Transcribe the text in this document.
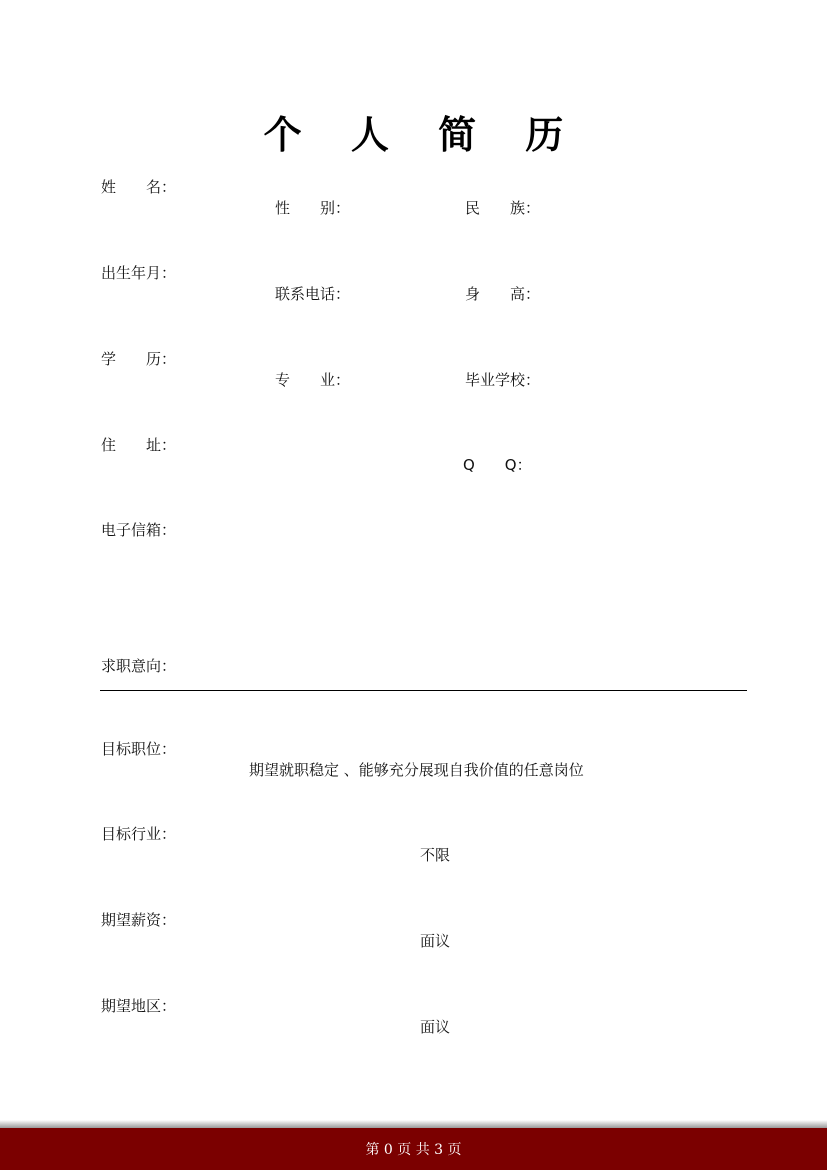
个 人 简 历
姓　　名：
性　　别：	民　　族：
出生年月：
联系电话：	身　　高：
学　　历：
专　　业：	毕业学校：
住　　址：
Q　　Q：
电子信箱：
求职意向：
目标职位：
期望就职稳定 、能够充分展现自我价值的任意岗位
目标行业：
不限
期望薪资：
面议
期望地区：
面议
第 0 页 共 3 页
